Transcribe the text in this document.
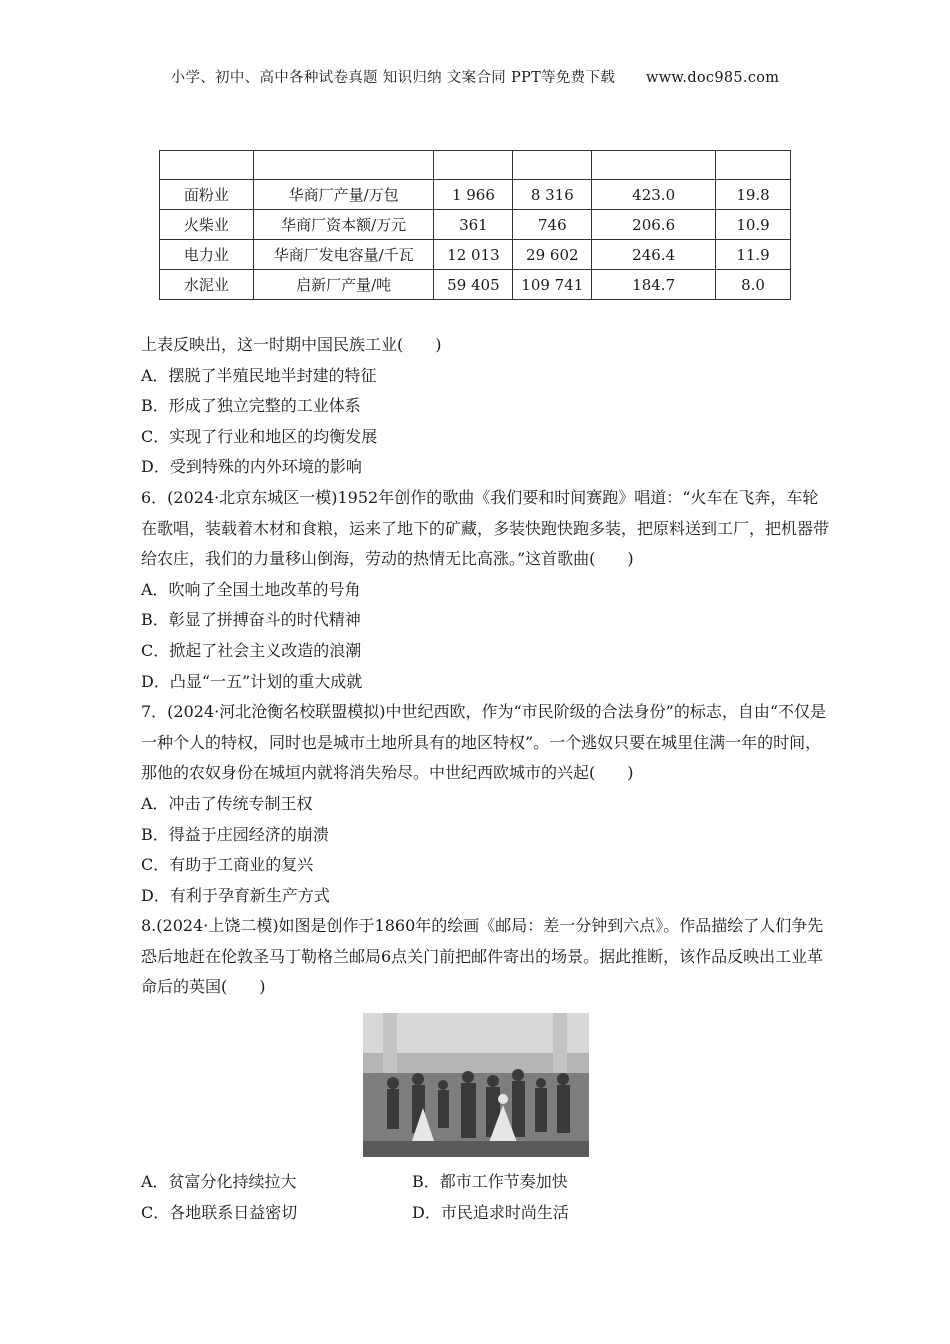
小学、初中、高中各种试卷真题 知识归纳 文案合同 PPT等免费下载 www.doc985.com

面粉业	华商厂产量/万包	1 966	8 316	423.0	19.8
火柴业	华商厂资本额/万元	361	746	206.6	10.9
电力业	华商厂发电容量/千瓦	12 013	29 602	246.4	11.9
水泥业	启新厂产量/吨	59 405	109 741	184.7	8.0

上表反映出，这一时期中国民族工业(　　)

A．摆脱了半殖民地半封建的特征

B．形成了独立完整的工业体系

C．实现了行业和地区的均衡发展

D．受到特殊的内外环境的影响

6．(2024·北京东城区一模)1952年创作的歌曲《我们要和时间赛跑》唱道：“火车在飞奔，车轮在歌唱，装载着木材和食粮，运来了地下的矿藏，多装快跑快跑多装，把原料送到工厂，把机器带给农庄，我们的力量移山倒海，劳动的热情无比高涨。”这首歌曲(　　)

A．吹响了全国土地改革的号角

B．彰显了拼搏奋斗的时代精神

C．掀起了社会主义改造的浪潮

D．凸显“一五”计划的重大成就

7．(2024·河北沧衡名校联盟模拟)中世纪西欧，作为“市民阶级的合法身份”的标志，自由“不仅是一种个人的特权，同时也是城市土地所具有的地区特权”。一个逃奴只要在城里住满一年的时间，那他的农奴身份在城垣内就将消失殆尽。中世纪西欧城市的兴起(　　)

A．冲击了传统专制王权

B．得益于庄园经济的崩溃

C．有助于工商业的复兴

D．有利于孕育新生产方式

8.(2024·上饶二模)如图是创作于1860年的绘画《邮局：差一分钟到六点》。作品描绘了人们争先恐后地赶在伦敦圣马丁勒格兰邮局6点关门前把邮件寄出的场景。据此推断，该作品反映出工业革命后的英国(　　)

A．贫富分化持续拉大	B．都市工作节奏加快
C．各地联系日益密切	D．市民追求时尚生活
